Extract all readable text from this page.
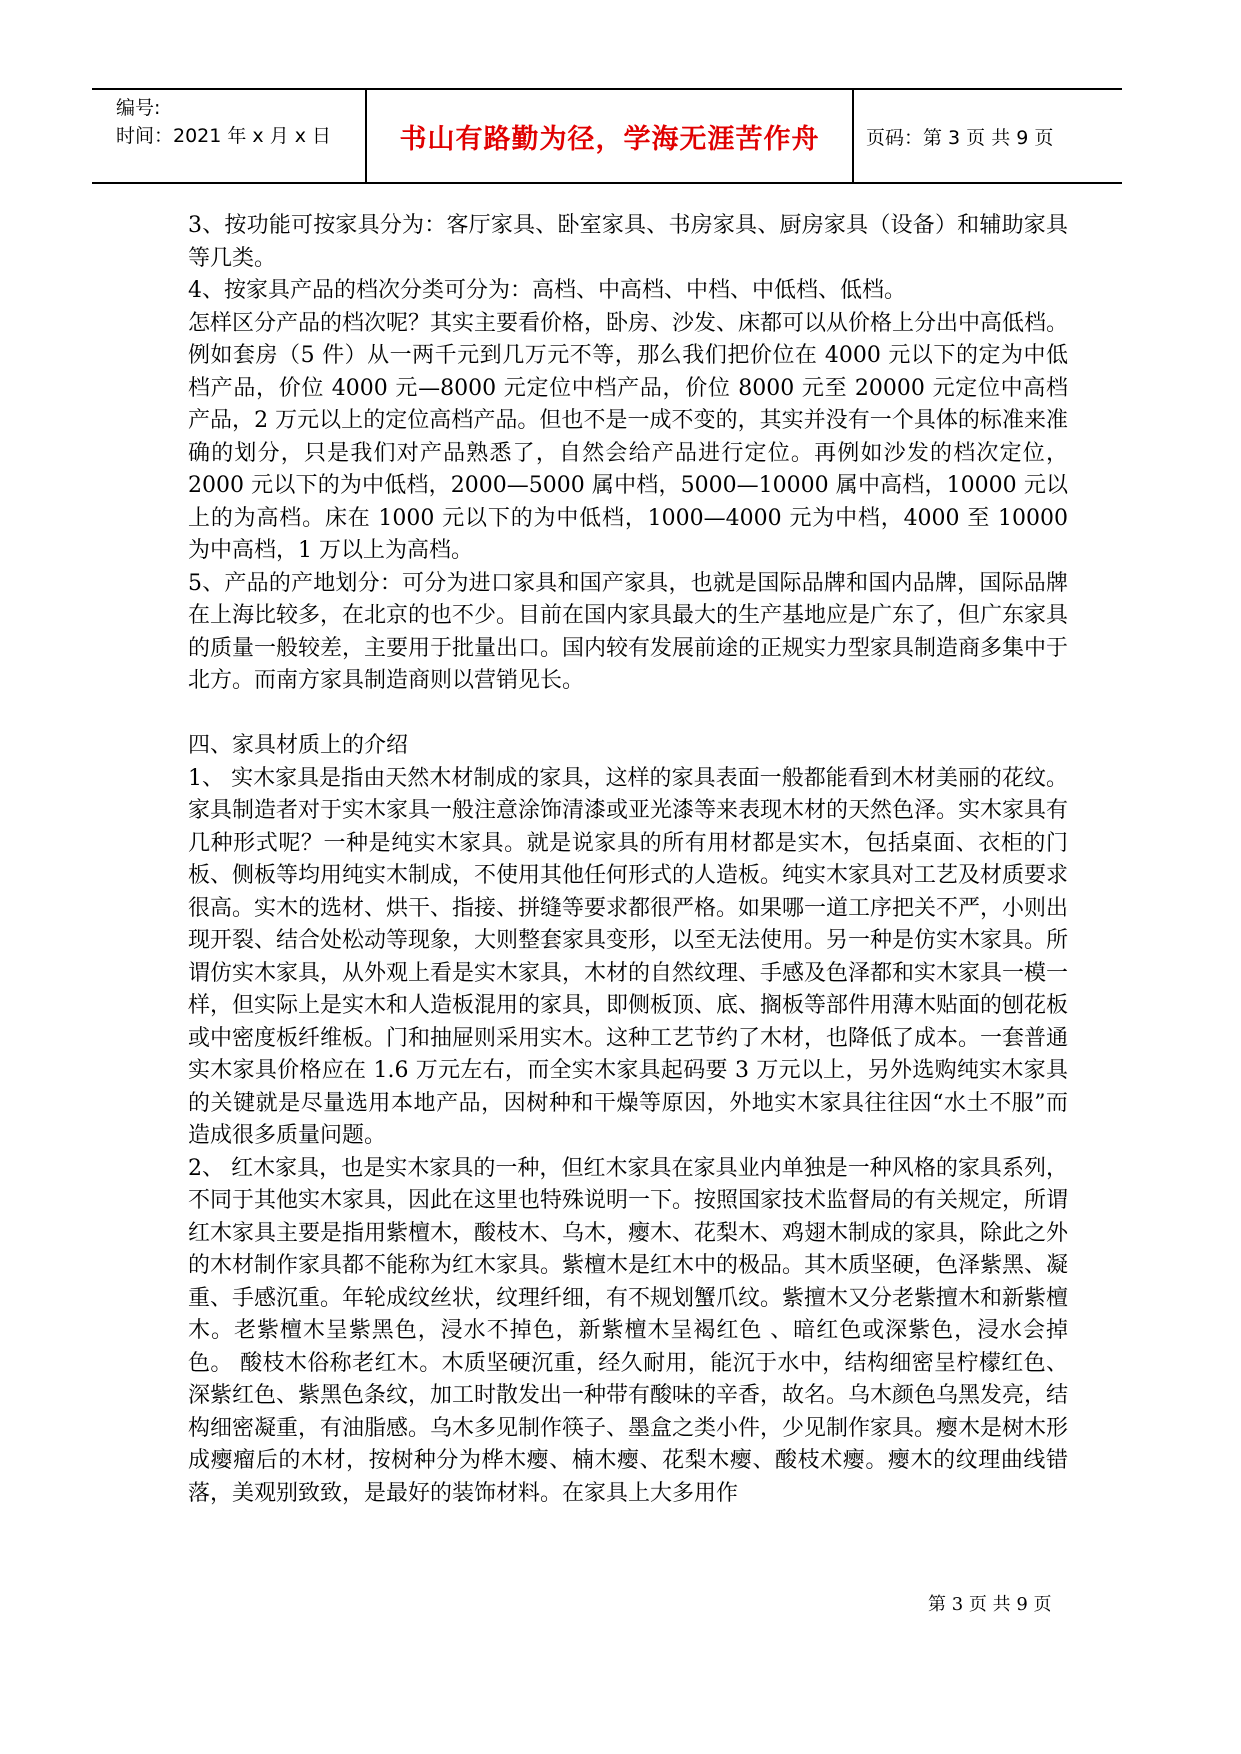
编号:
时间：2021 年 x 月 x 日	书山有路勤为径，学海无涯苦作舟	页码：第 3 页 共 9 页

3、按功能可按家具分为：客厅家具、卧室家具、书房家具、厨房家具（设备）和辅助家具等几类。

4、按家具产品的档次分类可分为：高档、中高档、中档、中低档、低档。

怎样区分产品的档次呢？其实主要看价格，卧房、沙发、床都可以从价格上分出中高低档。例如套房（5 件）从一两千元到几万元不等，那么我们把价位在 4000 元以下的定为中低档产品，价位 4000 元—8000 元定位中档产品，价位 8000 元至 20000 元定位中高档产品，2 万元以上的定位高档产品。但也不是一成不变的，其实并没有一个具体的标准来准确的划分，只是我们对产品熟悉了，自然会给产品进行定位。再例如沙发的档次定位，2000 元以下的为中低档，2000—5000 属中档，5000—10000 属中高档，10000 元以上的为高档。床在 1000 元以下的为中低档，1000—4000 元为中档，4000 至 10000 为中高档，1 万以上为高档。

5、产品的产地划分：可分为进口家具和国产家具，也就是国际品牌和国内品牌，国际品牌在上海比较多，在北京的也不少。目前在国内家具最大的生产基地应是广东了，但广东家具的质量一般较差，主要用于批量出口。国内较有发展前途的正规实力型家具制造商多集中于北方。而南方家具制造商则以营销见长。

四、家具材质上的介绍

1、 实木家具是指由天然木材制成的家具，这样的家具表面一般都能看到木材美丽的花纹。家具制造者对于实木家具一般注意涂饰清漆或亚光漆等来表现木材的天然色泽。实木家具有几种形式呢？一种是纯实木家具。就是说家具的所有用材都是实木，包括桌面、衣柜的门板、侧板等均用纯实木制成，不使用其他任何形式的人造板。纯实木家具对工艺及材质要求很高。实木的选材、烘干、指接、拼缝等要求都很严格。如果哪一道工序把关不严，小则出现开裂、结合处松动等现象，大则整套家具变形，以至无法使用。另一种是仿实木家具。所谓仿实木家具，从外观上看是实木家具，木材的自然纹理、手感及色泽都和实木家具一模一样，但实际上是实木和人造板混用的家具，即侧板顶、底、搁板等部件用薄木贴面的刨花板或中密度板纤维板。门和抽屉则采用实木。这种工艺节约了木材，也降低了成本。一套普通实木家具价格应在 1.6 万元左右，而全实木家具起码要 3 万元以上，另外选购纯实木家具的关键就是尽量选用本地产品，因树种和干燥等原因，外地实木家具往往因“水土不服”而造成很多质量问题。

2、 红木家具，也是实木家具的一种，但红木家具在家具业内单独是一种风格的家具系列，不同于其他实木家具，因此在这里也特殊说明一下。按照国家技术监督局的有关规定，所谓红木家具主要是指用紫檀木，酸枝木、乌木，瘿木、花梨木、鸡翅木制成的家具，除此之外的木材制作家具都不能称为红木家具。紫檀木是红木中的极品。其木质坚硬，色泽紫黑、凝重、手感沉重。年轮成纹丝状，纹理纤细，有不规划蟹爪纹。紫擅木又分老紫擅木和新紫檀木。老紫檀木呈紫黑色，浸水不掉色，新紫檀木呈褐红色 、暗红色或深紫色，浸水会掉色。 酸枝木俗称老红木。木质坚硬沉重，经久耐用，能沉于水中，结构细密呈柠檬红色、深紫红色、紫黑色条纹，加工时散发出一种带有酸味的辛香，故名。乌木颜色乌黑发亮，结构细密凝重，有油脂感。乌木多见制作筷子、墨盒之类小件，少见制作家具。瘿木是树木形成瘿瘤后的木材，按树种分为桦木瘿、楠木瘿、花梨木瘿、酸枝术瘿。瘿木的纹理曲线错落，美观别致致，是最好的装饰材料。在家具上大多用作

第 3 页 共 9 页
